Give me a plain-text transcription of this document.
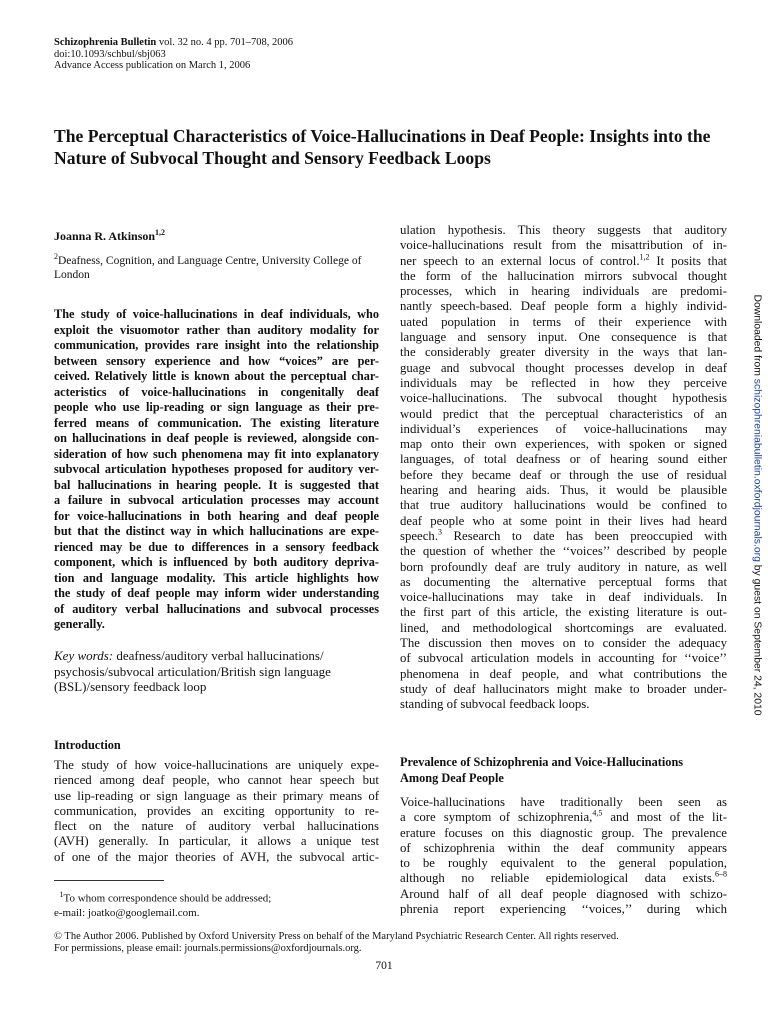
Schizophrenia Bulletin vol. 32 no. 4 pp. 701–708, 2006
doi:10.1093/schbul/sbj063
Advance Access publication on March 1, 2006
The Perceptual Characteristics of Voice-Hallucinations in Deaf People: Insights into the Nature of Subvocal Thought and Sensory Feedback Loops
Joanna R. Atkinson$^{1,2}$
$^2$Deafness, Cognition, and Language Centre, University College of London
The study of voice-hallucinations in deaf individuals, who
exploit the visuomotor rather than auditory modality for
communication, provides rare insight into the relationship
between sensory experience and how “voices” are per-
ceived. Relatively little is known about the perceptual char-
acteristics of voice-hallucinations in congenitally deaf
people who use lip-reading or sign language as their pre-
ferred means of communication. The existing literature
on hallucinations in deaf people is reviewed, alongside con-
sideration of how such phenomena may fit into explanatory
subvocal articulation hypotheses proposed for auditory ver-
bal hallucinations in hearing people. It is suggested that
a failure in subvocal articulation processes may account
for voice-hallucinations in both hearing and deaf people
but that the distinct way in which hallucinations are expe-
rienced may be due to differences in a sensory feedback
component, which is influenced by both auditory depriva-
tion and language modality. This article highlights how
the study of deaf people may inform wider understanding
of auditory verbal hallucinations and subvocal processes
generally.
Key words: deafness/auditory verbal hallucinations/
psychosis/subvocal articulation/British sign language
(BSL)/sensory feedback loop
Introduction
The study of how voice-hallucinations are uniquely expe-
rienced among deaf people, who cannot hear speech but
use lip-reading or sign language as their primary means of
communication, provides an exciting opportunity to re-
flect on the nature of auditory verbal hallucinations
(AVH) generally. In particular, it allows a unique test
of one of the major theories of AVH, the subvocal artic-
$^1$To whom correspondence should be addressed;
e-mail: joatko@googlemail.com.
ulation hypothesis. This theory suggests that auditory
voice-hallucinations result from the misattribution of in-
ner speech to an external locus of control.$^{1,2}$ It posits that
the form of the hallucination mirrors subvocal thought
processes, which in hearing individuals are predomi-
nantly speech-based. Deaf people form a highly individ-
uated population in terms of their experience with
language and sensory input. One consequence is that
the considerably greater diversity in the ways that lan-
guage and subvocal thought processes develop in deaf
individuals may be reflected in how they perceive
voice-hallucinations. The subvocal thought hypothesis
would predict that the perceptual characteristics of an
individual’s experiences of voice-hallucinations may
map onto their own experiences, with spoken or signed
languages, of total deafness or of hearing sound either
before they became deaf or through the use of residual
hearing and hearing aids. Thus, it would be plausible
that true auditory hallucinations would be confined to
deaf people who at some point in their lives had heard
speech.$^3$ Research to date has been preoccupied with
the question of whether the ‘‘voices’’ described by people
born profoundly deaf are truly auditory in nature, as well
as documenting the alternative perceptual forms that
voice-hallucinations may take in deaf individuals. In
the first part of this article, the existing literature is out-
lined, and methodological shortcomings are evaluated.
The discussion then moves on to consider the adequacy
of subvocal articulation models in accounting for ‘‘voice’’
phenomena in deaf people, and what contributions the
study of deaf hallucinators might make to broader under-
standing of subvocal feedback loops.
Prevalence of Schizophrenia and Voice-Hallucinations
Among Deaf People
Voice-hallucinations have traditionally been seen as
a core symptom of schizophrenia,$^{4,5}$ and most of the lit-
erature focuses on this diagnostic group. The prevalence
of schizophrenia within the deaf community appears
to be roughly equivalent to the general population,
although no reliable epidemiological data exists.$^{6-8}$
Around half of all deaf people diagnosed with schizo-
phrenia report experiencing ‘‘voices,’’ during which
© The Author 2006. Published by Oxford University Press on behalf of the Maryland Psychiatric Research Center. All rights reserved.
For permissions, please email: journals.permissions@oxfordjournals.org.
701
Downloaded from schizophreniabulletin.oxfordjournals.org by guest on September 24, 2010
